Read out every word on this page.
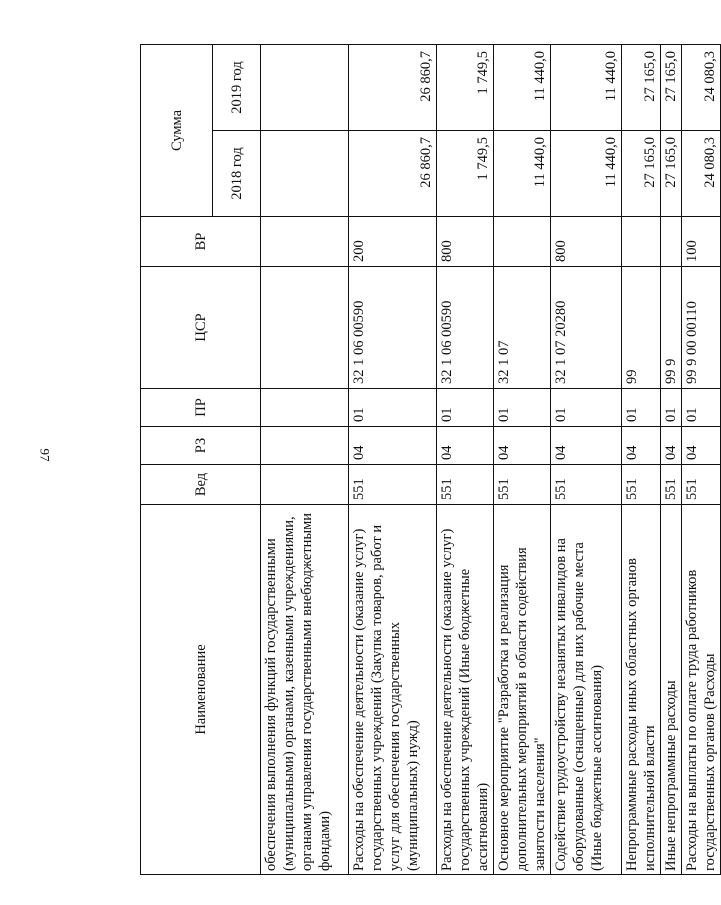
97
Наименование	Вед	РЗ	ПР	ЦСР	ВР	Сумма	
						2018 год	2019 год
обеспечения выполнения функций государственными (муниципальными) органами, казенными учреждениями, органами управления государственными внебюджетными фондами)							
Расходы на обеспечение деятельности (оказание услуг) государственных учреждений (Закупка товаров, работ и услуг для обеспечения государственных (муниципальных) нужд)	551	04	01	32 1 06 00590	200	26 860,7	26 860,7
Расходы на обеспечение деятельности (оказание услуг) государственных учреждений (Иные бюджетные ассигнования)	551	04	01	32 1 06 00590	800	1 749,5	1 749,5
Основное мероприятие "Разработка и реализация дополнительных мероприятий в области содействия занятости населения"	551	04	01	32 1 07		11 440,0	11 440,0
Содействие трудоустройству незанятых инвалидов на оборудованные (оснащенные) для них рабочие места (Иные бюджетные ассигнования)	551	04	01	32 1 07 20280	800	11 440,0	11 440,0
Непрограммные расходы иных областных органов исполнительной власти	551	04	01	99		27 165,0	27 165,0
Иные непрограммные расходы	551	04	01	99 9		27 165,0	27 165,0
Расходы на выплаты по оплате труда работников государственных органов (Расходы	551	04	01	99 9 00 00110	100	24 080,3	24 080,3
